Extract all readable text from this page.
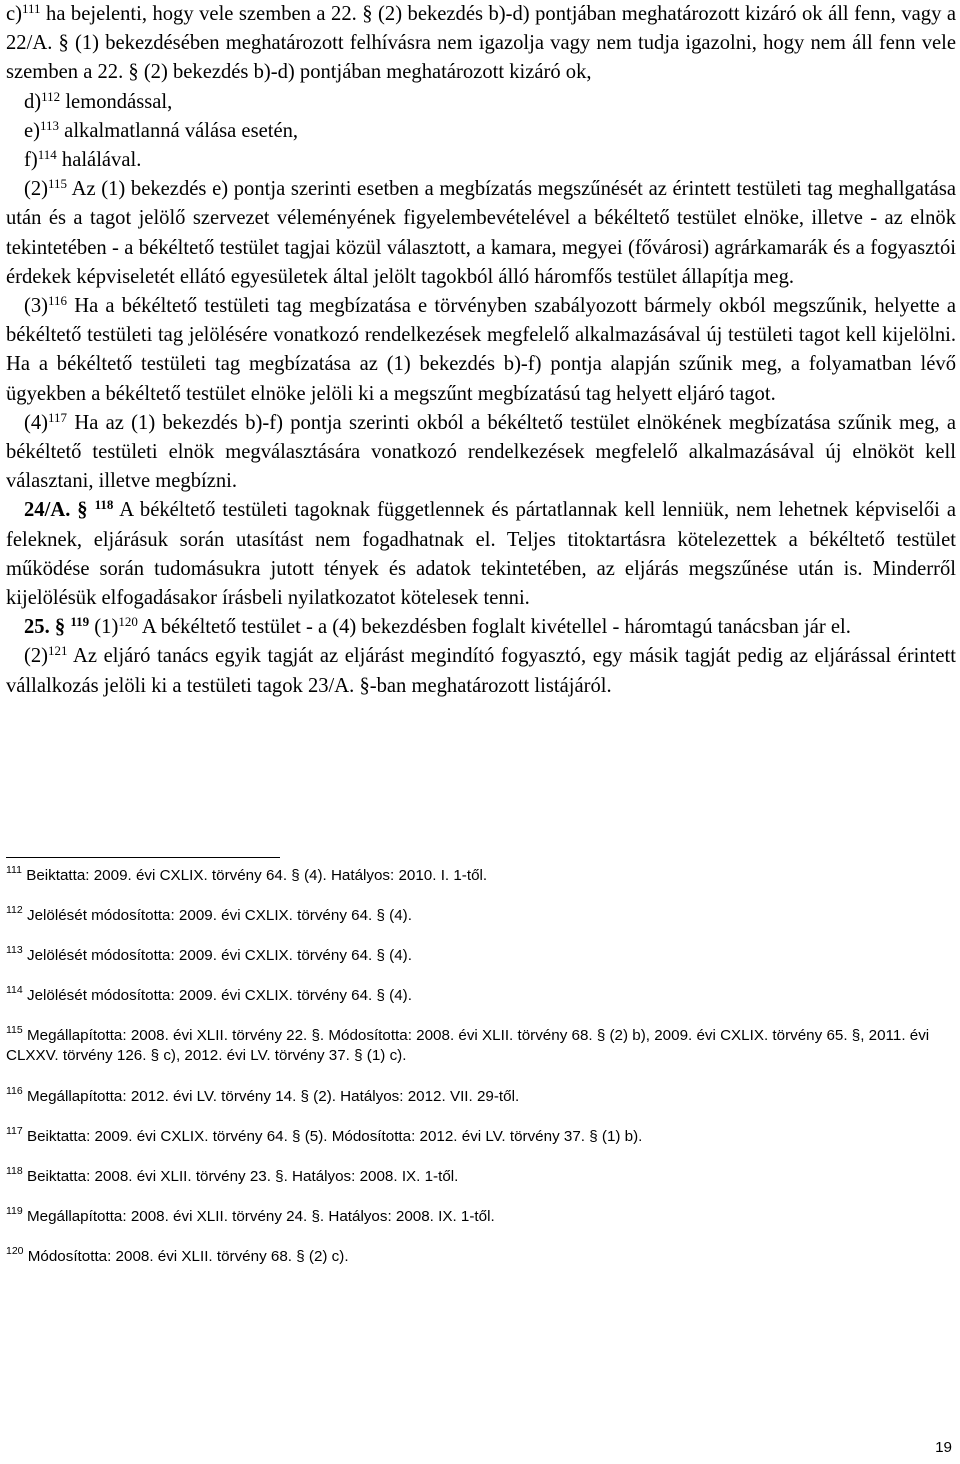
c)$^{111}$ ha bejelenti, hogy vele szemben a 22. § (2) bekezdés b)-d) pontjában meghatározott kizáró ok áll fenn, vagy a 22/A. § (1) bekezdésében meghatározott felhívásra nem igazolja vagy nem tudja igazolni, hogy nem áll fenn vele szemben a 22. § (2) bekezdés b)-d) pontjában meghatározott kizáró ok,

d)$^{112}$ lemondással,

e)$^{113}$ alkalmatlanná válása esetén,

f)$^{114}$ halálával.

$(2)^{115}$ Az (1) bekezdés e) pontja szerinti esetben a megbízatás megszűnését az érintett testületi tag meghallgatása után és a tagot jelölő szervezet véleményének figyelembevételével a békéltető testület elnöke, illetve - az elnök tekintetében - a békéltető testület tagjai közül választott, a kamara, megyei (fővárosi) agrárkamarák és a fogyasztói érdekek képviseletét ellátó egyesületek által jelölt tagokból álló háromfős testület állapítja meg.

$(3)^{116}$ Ha a békéltető testületi tag megbízatása e törvényben szabályozott bármely okból megszűnik, helyette a békéltető testületi tag jelölésére vonatkozó rendelkezések megfelelő alkalmazásával új testületi tagot kell kijelölni. Ha a békéltető testületi tag megbízatása az (1) bekezdés b)-f) pontja alapján szűnik meg, a folyamatban lévő ügyekben a békéltető testület elnöke jelöli ki a megszűnt megbízatású tag helyett eljáró tagot.

$(4)^{117}$ Ha az (1) bekezdés b)-f) pontja szerinti okból a békéltető testület elnökének megbízatása szűnik meg, a békéltető testületi elnök megválasztására vonatkozó rendelkezések megfelelő alkalmazásával új elnököt kell választani, illetve megbízni.

24/A. § $^{118}$ A békéltető testületi tagoknak függetlennek és pártatlannak kell lenniük, nem lehetnek képviselői a feleknek, eljárásuk során utasítást nem fogadhatnak el. Teljes titoktartásra kötelezettek a békéltető testület működése során tudomásukra jutott tények és adatok tekintetében, az eljárás megszűnése után is. Minderről kijelölésük elfogadásakor írásbeli nyilatkozatot kötelesek tenni.

25. § $^{119}$ $(1)^{120}$ A békéltető testület - a (4) bekezdésben foglalt kivétellel - háromtagú tanácsban jár el.

$(2)^{121}$ Az eljáró tanács egyik tagját az eljárást megindító fogyasztó, egy másik tagját pedig az eljárással érintett vállalkozás jelöli ki a testületi tagok 23/A. §-ban meghatározott listájáról.

$^{111}$ Beiktatta: 2009. évi CXLIX. törvény 64. § (4). Hatályos: 2010. I. 1-től.
$^{112}$ Jelölését módosította: 2009. évi CXLIX. törvény 64. § (4).
$^{113}$ Jelölését módosította: 2009. évi CXLIX. törvény 64. § (4).
$^{114}$ Jelölését módosította: 2009. évi CXLIX. törvény 64. § (4).
$^{115}$ Megállapította: 2008. évi XLII. törvény 22. §. Módosította: 2008. évi XLII. törvény 68. § (2) b), 2009. évi CXLIX. törvény 65. §, 2011. évi CLXXV. törvény 126. § c), 2012. évi LV. törvény 37. § (1) c).
$^{116}$ Megállapította: 2012. évi LV. törvény 14. § (2). Hatályos: 2012. VII. 29-től.
$^{117}$ Beiktatta: 2009. évi CXLIX. törvény 64. § (5). Módosította: 2012. évi LV. törvény 37. § (1) b).
$^{118}$ Beiktatta: 2008. évi XLII. törvény 23. §. Hatályos: 2008. IX. 1-től.
$^{119}$ Megállapította: 2008. évi XLII. törvény 24. §. Hatályos: 2008. IX. 1-től.
$^{120}$ Módosította: 2008. évi XLII. törvény 68. § (2) c).
19
